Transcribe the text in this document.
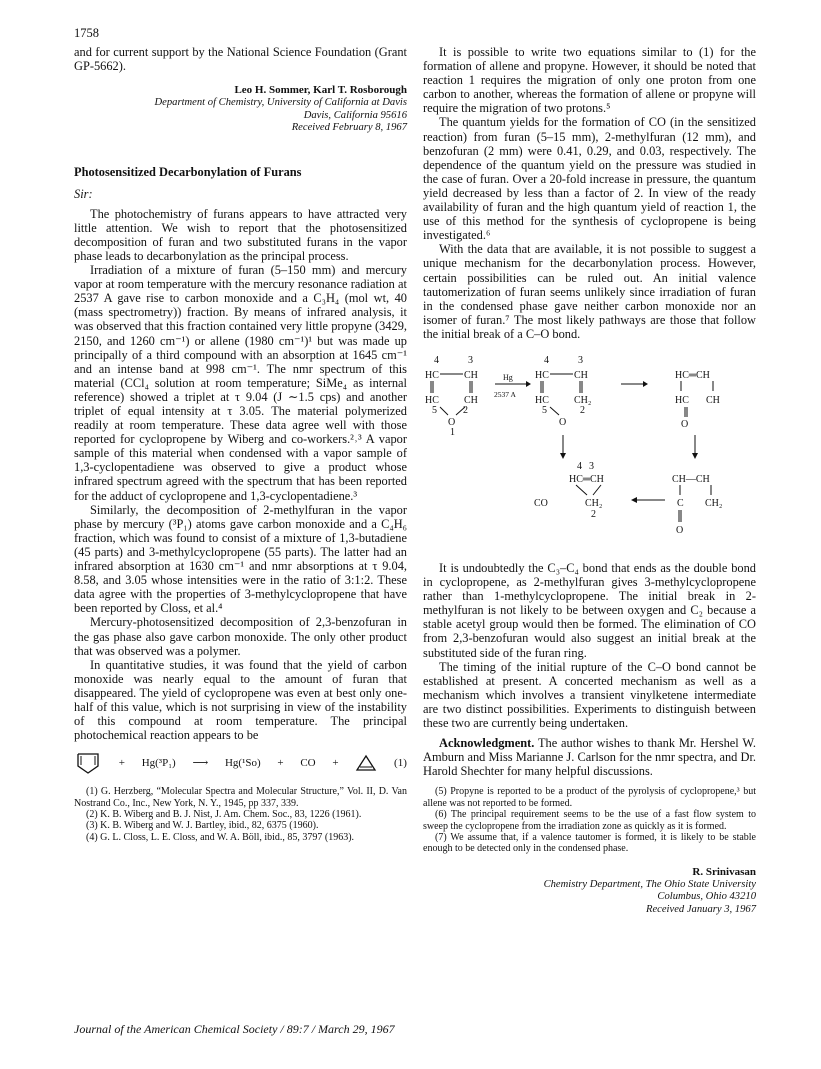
1758

and for current support by the National Science Foundation (Grant GP-5662).

Leo H. Sommer, Karl T. Rosborough
Department of Chemistry, University of California at Davis
Davis, California 95616
Received February 8, 1967
Photosensitized Decarbonylation of Furans
Sir:

The photochemistry of furans appears to have attracted very little attention. We wish to report that the photosensitized decomposition of furan and two substituted furans in the vapor phase leads to decarbonylation as the principal process.

Irradiation of a mixture of furan (5–150 mm) and mercury vapor at room temperature with the mercury resonance radiation at 2537 A gave rise to carbon monoxide and a C₃H₄ (mol wt, 40 (mass spectrometry)) fraction. By means of infrared analysis, it was observed that this fraction contained very little propyne (3429, 2150, and 1260 cm⁻¹) or allene (1980 cm⁻¹)¹ but was made up principally of a third compound with an absorption at 1645 cm⁻¹ and an intense band at 998 cm⁻¹. The nmr spectrum of this material (CCl₄ solution at room temperature; SiMe₄ as internal reference) showed a triplet at τ 9.04 (J ∼1.5 cps) and another triplet of equal intensity at τ 3.05. The material polymerized readily at room temperature. These data agree well with those reported for cyclopropene by Wiberg and co-workers.²˒³ A vapor sample of this material when condensed with a vapor sample of 1,3-cyclopentadiene was observed to give a product whose infrared spectrum agreed with the spectrum that has been reported for the adduct of cyclopropene and 1,3-cyclopentadiene.³

Similarly, the decomposition of 2-methylfuran in the vapor phase by mercury (³P₁) atoms gave carbon monoxide and a C₄H₆ fraction, which was found to consist of a mixture of 1,3-butadiene (45 parts) and 3-methylcyclopropene (55 parts). The latter had an infrared absorption at 1630 cm⁻¹ and nmr absorptions at τ 9.04, 8.58, and 3.05 whose intensities were in the ratio of 3:1:2. These data agree with the properties of 3-methylcyclopropene that have been reported by Closs, et al.⁴

Mercury-photosensitized decomposition of 2,3-benzofuran in the gas phase also gave carbon monoxide. The only other product that was observed was a polymer.

In quantitative studies, it was found that the yield of carbon monoxide was nearly equal to the amount of furan that disappeared. The yield of cyclopropene was even at best only one-half of this value, which is not surprising in view of the instability of this compound at room temperature. The principal photochemical reaction appears to be

+ Hg(³P₁) ⟶ Hg(¹So) + CO +	(1)

(1) G. Herzberg, “Molecular Spectra and Molecular Structure,” Vol. II, D. Van Nostrand Co., Inc., New York, N. Y., 1945, pp 337, 339.

(2) K. B. Wiberg and B. J. Nist, J. Am. Chem. Soc., 83, 1226 (1961).

(3) K. B. Wiberg and W. J. Bartley, ibid., 82, 6375 (1960).

(4) G. L. Closs, L. E. Closs, and W. A. Böll, ibid., 85, 3797 (1963).

It is possible to write two equations similar to (1) for the formation of allene and propyne. However, it should be noted that reaction 1 requires the migration of only one proton from one carbon to another, whereas the formation of allene or propyne will require the migration of two protons.⁵

The quantum yields for the formation of CO (in the sensitized reaction) from furan (5–15 mm), 2-methylfuran (12 mm), and benzofuran (2 mm) were 0.41, 0.29, and 0.03, respectively. The dependence of the quantum yield on the pressure was studied in the case of furan. Over a 20-fold increase in pressure, the quantum yield decreased by less than a factor of 2. In view of the ready availability of furan and the high quantum yield of reaction 1, the use of this method for the synthesis of cyclopropene is being investigated.⁶

With the data that are available, it is not possible to suggest a unique mechanism for the decarbonylation process. However, certain possibilities can be ruled out. An initial valence tautomerization of furan seems unlikely since irradiation of furan in the condensed phase gave neither carbon monoxide nor an isomer of furan.⁷ The most likely pathways are those that follow the initial break of a C–O bond.

4	3
HC	CH
HC	CH
5	2
O
1
Hg
2537 A
4	3
HC	CH
HC	CH₂
5	2
O
HC═CH
HC CH
O
4 3
HC═CH
CO	CH₂
2
CH—CH
C CH₂
O

It is undoubtedly the C₃–C₄ bond that ends as the double bond in cyclopropene, as 2-methylfuran gives 3-methylcyclopropene rather than 1-methylcyclopropene. The initial break in 2-methylfuran is not likely to be between oxygen and C₂ because a stable acetyl group would then be formed. The elimination of CO from 2,3-benzofuran would also suggest an initial break at the substituted side of the furan ring.

The timing of the initial rupture of the C–O bond cannot be established at present. A concerted mechanism as well as a mechanism which involves a transient vinylketene intermediate are two distinct possibilities. Experiments to distinguish between these two are currently being undertaken.

Acknowledgment. The author wishes to thank Mr. Hershel W. Amburn and Miss Marianne J. Carlson for the nmr spectra, and Dr. Harold Shechter for many helpful discussions.

(5) Propyne is reported to be a product of the pyrolysis of cyclopropene,³ but allene was not reported to be formed.

(6) The principal requirement seems to be the use of a fast flow system to sweep the cyclopropene from the irradiation zone as quickly as it is formed.

(7) We assume that, if a valence tautomer is formed, it is likely to be stable enough to be detected only in the condensed phase.

R. Srinivasan
Chemistry Department, The Ohio State University
Columbus, Ohio 43210
Received January 3, 1967
Journal of the American Chemical Society / 89:7 / March 29, 1967
